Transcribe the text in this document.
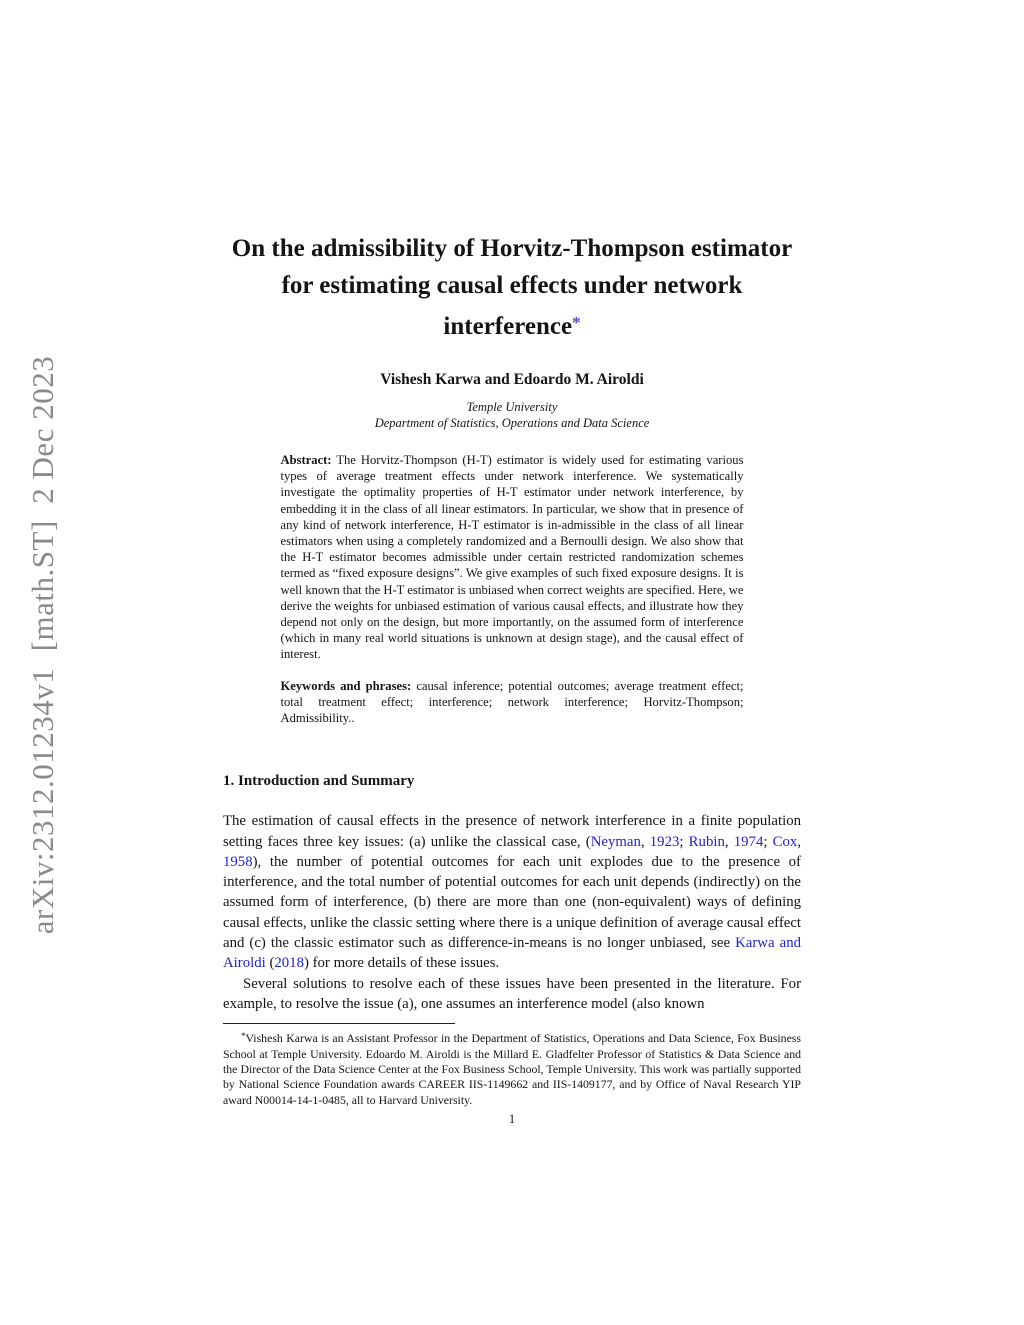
arXiv:2312.01234v1  [math.ST]  2 Dec 2023
On the admissibility of Horvitz-Thompson estimator for estimating causal effects under network interference*
Vishesh Karwa and Edoardo M. Airoldi
Temple University
Department of Statistics, Operations and Data Science
Abstract: The Horvitz-Thompson (H-T) estimator is widely used for estimating various types of average treatment effects under network interference. We systematically investigate the optimality properties of H-T estimator under network interference, by embedding it in the class of all linear estimators. In particular, we show that in presence of any kind of network interference, H-T estimator is in-admissible in the class of all linear estimators when using a completely randomized and a Bernoulli design. We also show that the H-T estimator becomes admissible under certain restricted randomization schemes termed as “fixed exposure designs”. We give examples of such fixed exposure designs. It is well known that the H-T estimator is unbiased when correct weights are specified. Here, we derive the weights for unbiased estimation of various causal effects, and illustrate how they depend not only on the design, but more importantly, on the assumed form of interference (which in many real world situations is unknown at design stage), and the causal effect of interest.
Keywords and phrases: causal inference; potential outcomes; average treatment effect; total treatment effect; interference; network interference; Horvitz-Thompson; Admissibility..
1. Introduction and Summary

The estimation of causal effects in the presence of network interference in a finite population setting faces three key issues: (a) unlike the classical case, (Neyman, 1923; Rubin, 1974; Cox, 1958), the number of potential outcomes for each unit explodes due to the presence of interference, and the total number of potential outcomes for each unit depends (indirectly) on the assumed form of interference, (b) there are more than one (non-equivalent) ways of defining causal effects, unlike the classic setting where there is a unique definition of average causal effect and (c) the classic estimator such as difference-in-means is no longer unbiased, see Karwa and Airoldi (2018) for more details of these issues.

Several solutions to resolve each of these issues have been presented in the literature. For example, to resolve the issue (a), one assumes an interference model (also known

*Vishesh Karwa is an Assistant Professor in the Department of Statistics, Operations and Data Science, Fox Business School at Temple University. Edoardo M. Airoldi is the Millard E. Gladfelter Professor of Statistics & Data Science and the Director of the Data Science Center at the Fox Business School, Temple University. This work was partially supported by National Science Foundation awards CAREER IIS-1149662 and IIS-1409177, and by Office of Naval Research YIP award N00014-14-1-0485, all to Harvard University.

1
